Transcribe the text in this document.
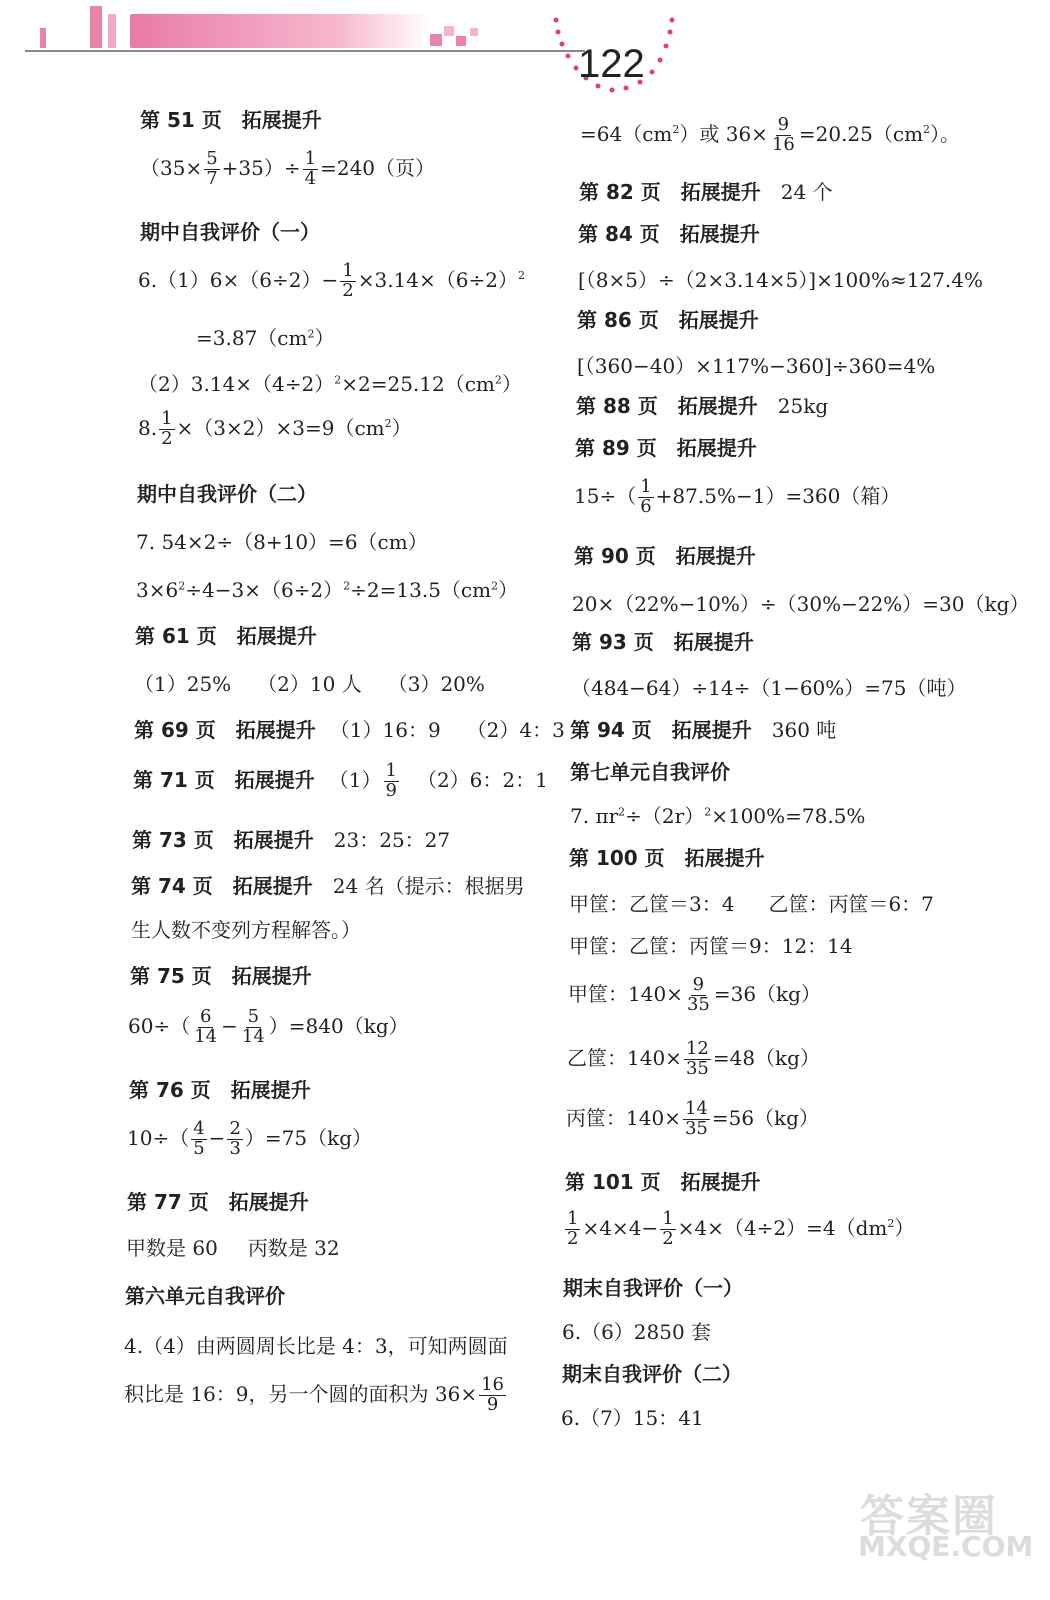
122
第 51 页　拓展提升
$(35\times \frac{5}{7} +35)\div \frac{1}{4} =240$（页）
期中自我评价（一）
$6.(1)6\times(6\div 2)- \frac{1}{2} \times 3.14\times(6\div 2)^2$
$=3.87(cm^2)$
$(2)3.14\times(4\div 2)^2\times 2=25.12(cm^2)$
8. $\frac{1}{2} \times(3\times 2)\times 3=9(cm^2)$
期中自我评价（二）
7. 54×2÷（8+10）=6（cm）
$3\times 6^2\div 4-3\times(6\div 2)^2\div 2=13.5(cm^2)$
第 61 页　拓展提升
（1）25% （2）10 人 （3）20%
第 69 页　拓展提升 （1）16：9 （2）4：3
第 71 页　拓展提升 $(1) \frac{1}{9} (2)6$：2：1
第 73 页　拓展提升 23：25：27
第 74 页　拓展提升 24 名（提示：根据男
生人数不变列方程解答。）
第 75 页　拓展提升
$60\div( \frac{6}{14} - \frac{5}{14} )=840(kg)$
第 76 页　拓展提升
$10\div( \frac{4}{5} - \frac{2}{3} )=75(kg)$
第 77 页　拓展提升
甲数是 60 丙数是 32
第六单元自我评价
4.（4）由两圆周长比是 4：3，可知两圆面
积比是 16：9，另一个圆的面积为 $36\times \frac{16}{9}$
$=64(cm^2)$或 $36\times \frac{9}{16} =20.25(cm^2)$。
第 82 页　拓展提升 24 个
第 84 页　拓展提升
[（8×5）÷（2×3.14×5）]×100%≈127.4%
第 86 页　拓展提升
[（360−40）×117%−360]÷360=4%
第 88 页　拓展提升 25kg
第 89 页　拓展提升
$15\div( \frac{1}{6} +87.5\%-1)=360$（箱）
第 90 页　拓展提升
20×（22%−10%）÷（30%−22%）=30（kg）
第 93 页　拓展提升
（484−64）÷14÷（1−60%）=75（吨）
第 94 页　拓展提升 360 吨
第七单元自我评价
7. $\pi r^2\div(2r)^2\times 100\%=78.5\%$
第 100 页　拓展提升
甲筐：乙筐＝3：4 乙筐：丙筐＝6：7
甲筐：乙筐：丙筐＝9：12：14
甲筐：$140\times \frac{9}{35} =36(kg)$
乙筐：$140\times \frac{12}{35} =48(kg)$
丙筐：$140\times \frac{14}{35} =56(kg)$
第 101 页　拓展提升
$\frac{1}{2} \times 4\times 4- \frac{1}{2} \times 4\times(4\div 2)=4(dm^2)$
期末自我评价（一）
6.（6）2850 套
期末自我评价（二）
6.（7）15：41
答案圈
MXQE.COM
